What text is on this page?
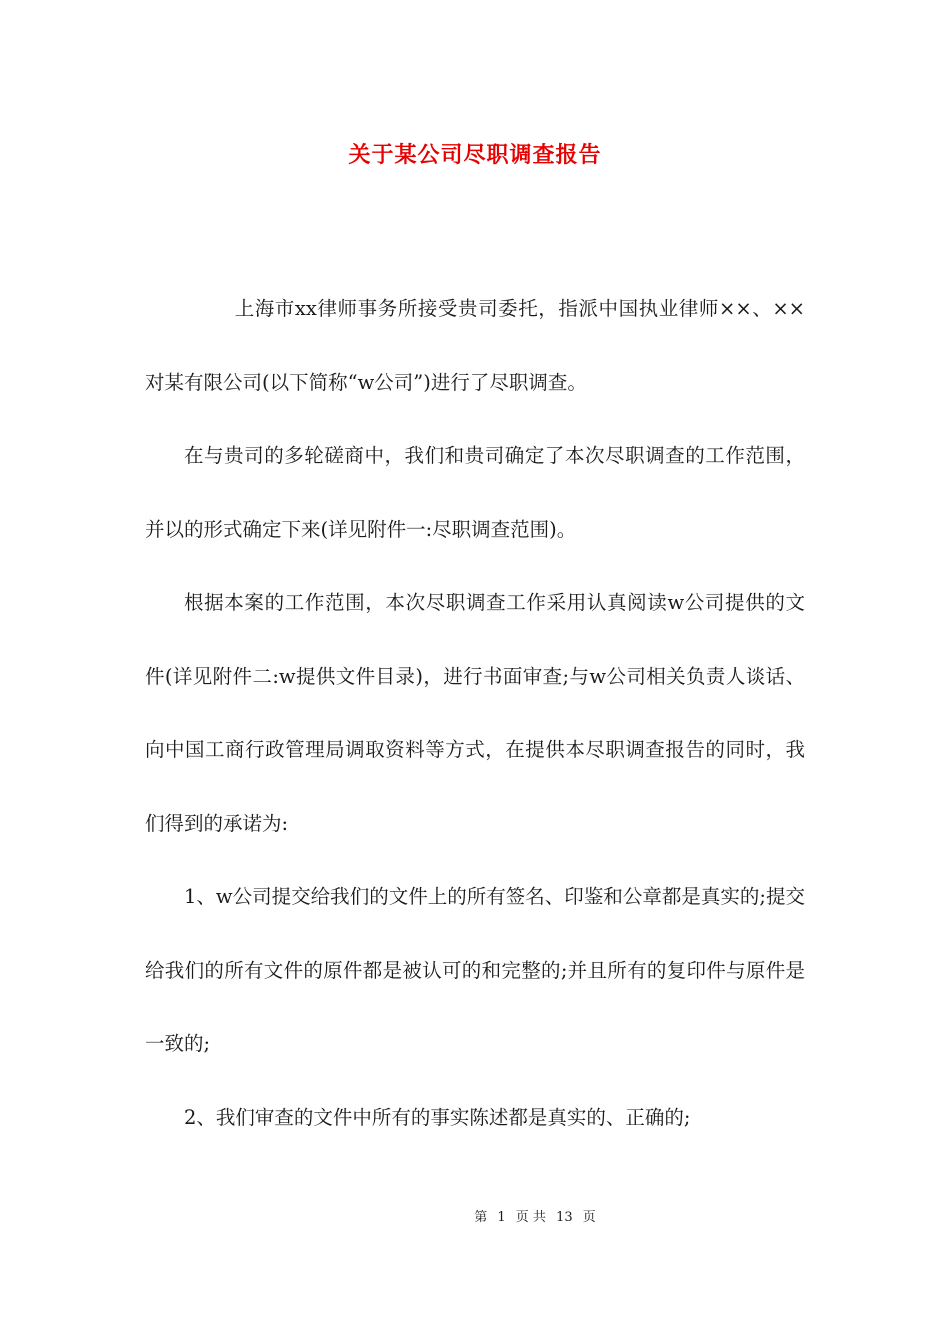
关于某公司尽职调查报告

上海市xx律师事务所接受贵司委托，指派中国执业律师××、××对某有限公司(以下简称“w公司”)进行了尽职调查。

在与贵司的多轮磋商中，我们和贵司确定了本次尽职调查的工作范围，并以的形式确定下来(详见附件一:尽职调查范围)。

根据本案的工作范围，本次尽职调查工作采用认真阅读w公司提供的文件(详见附件二:w提供文件目录)，进行书面审查;与w公司相关负责人谈话、向中国工商行政管理局调取资料等方式，在提供本尽职调查报告的同时，我们得到的承诺为:

1、w公司提交给我们的文件上的所有签名、印鉴和公章都是真实的;提交给我们的所有文件的原件都是被认可的和完整的;并且所有的复印件与原件是一致的;

2、我们审查的文件中所有的事实陈述都是真实的、正确的;

第 1 页 共 13 页
